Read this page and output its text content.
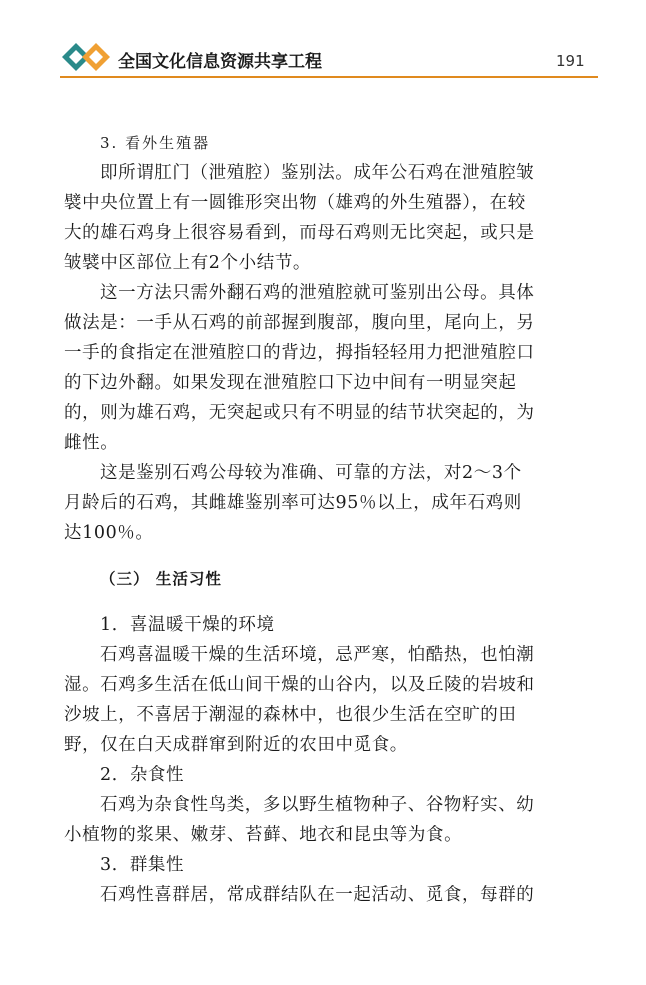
全国文化信息资源共享工程	191
3. 看外生殖器
即所谓肛门（泄殖腔）鉴别法。成年公石鸡在泄殖腔皱
襞中央位置上有一圆锥形突出物（雄鸡的外生殖器），在较
大的雄石鸡身上很容易看到，而母石鸡则无比突起，或只是
皱襞中区部位上有2个小结节。
这一方法只需外翻石鸡的泄殖腔就可鉴别出公母。具体
做法是：一手从石鸡的前部握到腹部，腹向里，尾向上，另
一手的食指定在泄殖腔口的背边，拇指轻轻用力把泄殖腔口
的下边外翻。如果发现在泄殖腔口下边中间有一明显突起
的，则为雄石鸡，无突起或只有不明显的结节状突起的，为
雌性。
这是鉴别石鸡公母较为准确、可靠的方法，对2～3个
月龄后的石鸡，其雌雄鉴别率可达95％以上，成年石鸡则
达100％。
（三） 生活习性
1．喜温暖干燥的环境
石鸡喜温暖干燥的生活环境，忌严寒，怕酷热，也怕潮
湿。石鸡多生活在低山间干燥的山谷内，以及丘陵的岩坡和
沙坡上，不喜居于潮湿的森林中，也很少生活在空旷的田
野，仅在白天成群窜到附近的农田中觅食。
2．杂食性
石鸡为杂食性鸟类，多以野生植物种子、谷物籽实、幼
小植物的浆果、嫩芽、苔藓、地衣和昆虫等为食。
3．群集性
石鸡性喜群居，常成群结队在一起活动、觅食，每群的
